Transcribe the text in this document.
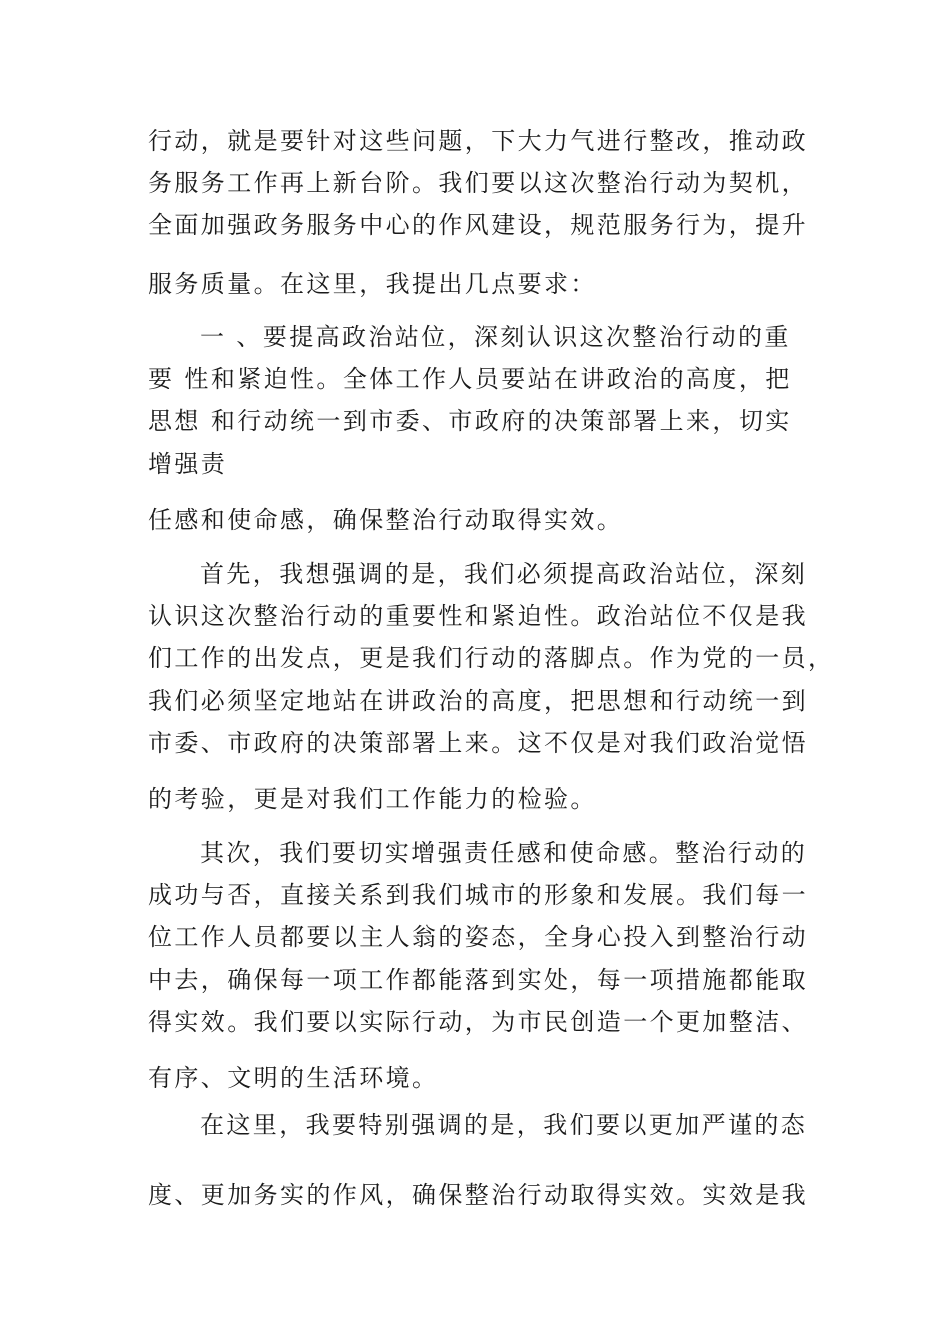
行动，就是要针对这些问题，下大力气进行整改，推动政

务服务工作再上新台阶。我们要以这次整治行动为契机，

全面加强政务服务中心的作风建设，规范服务行为，提升

服务质量。在这里，我提出几点要求：

一 、要提高政治站位，深刻认识这次整治行动的重

要 性和紧迫性。全体工作人员要站在讲政治的高度，把

思想 和行动统一到市委、市政府的决策部署上来，切实

增强责

任感和使命感，确保整治行动取得实效。

首先，我想强调的是，我们必须提高政治站位，深刻

认识这次整治行动的重要性和紧迫性。政治站位不仅是我

们工作的出发点，更是我们行动的落脚点。作为党的一员，

我们必须坚定地站在讲政治的高度，把思想和行动统一到

市委、市政府的决策部署上来。这不仅是对我们政治觉悟

的考验，更是对我们工作能力的检验。

其次，我们要切实增强责任感和使命感。整治行动的

成功与否，直接关系到我们城市的形象和发展。我们每一

位工作人员都要以主人翁的姿态，全身心投入到整治行动

中去，确保每一项工作都能落到实处，每一项措施都能取

得实效。我们要以实际行动，为市民创造一个更加整洁、

有序、文明的生活环境。

在这里，我要特别强调的是，我们要以更加严谨的态

度、更加务实的作风，确保整治行动取得实效。实效是我
